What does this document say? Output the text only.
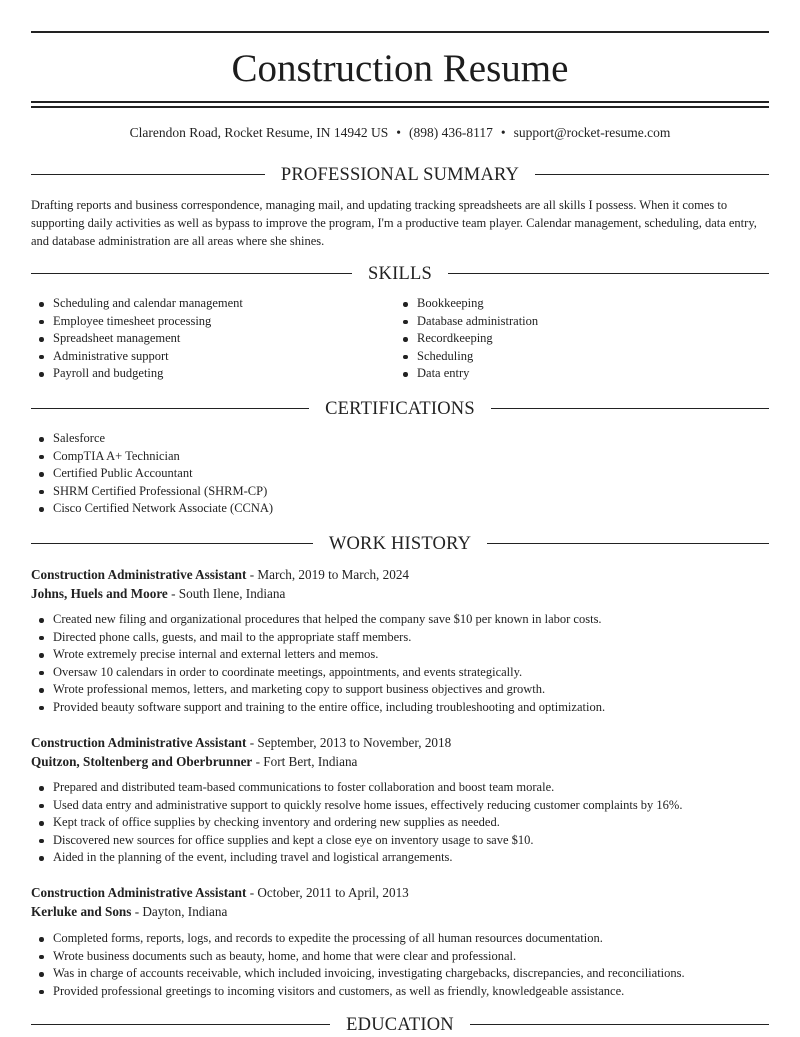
Construction Resume
Clarendon Road, Rocket Resume, IN 14942 US • (898) 436-8117 • support@rocket-resume.com
PROFESSIONAL SUMMARY
Drafting reports and business correspondence, managing mail, and updating tracking spreadsheets are all skills I possess. When it comes to supporting daily activities as well as bypass to improve the program, I'm a productive team player. Calendar management, scheduling, data entry, and database administration are all areas where she shines.
SKILLS
Scheduling and calendar management
Employee timesheet processing
Spreadsheet management
Administrative support
Payroll and budgeting
Bookkeeping
Database administration
Recordkeeping
Scheduling
Data entry
CERTIFICATIONS
Salesforce
CompTIA A+ Technician
Certified Public Accountant
SHRM Certified Professional (SHRM-CP)
Cisco Certified Network Associate (CCNA)
WORK HISTORY
Construction Administrative Assistant - March, 2019 to March, 2024
Johns, Huels and Moore - South Ilene, Indiana
Created new filing and organizational procedures that helped the company save $10 per known in labor costs.
Directed phone calls, guests, and mail to the appropriate staff members.
Wrote extremely precise internal and external letters and memos.
Oversaw 10 calendars in order to coordinate meetings, appointments, and events strategically.
Wrote professional memos, letters, and marketing copy to support business objectives and growth.
Provided beauty software support and training to the entire office, including troubleshooting and optimization.
Construction Administrative Assistant - September, 2013 to November, 2018
Quitzon, Stoltenberg and Oberbrunner - Fort Bert, Indiana
Prepared and distributed team-based communications to foster collaboration and boost team morale.
Used data entry and administrative support to quickly resolve home issues, effectively reducing customer complaints by 16%.
Kept track of office supplies by checking inventory and ordering new supplies as needed.
Discovered new sources for office supplies and kept a close eye on inventory usage to save $10.
Aided in the planning of the event, including travel and logistical arrangements.
Construction Administrative Assistant - October, 2011 to April, 2013
Kerluke and Sons - Dayton, Indiana
Completed forms, reports, logs, and records to expedite the processing of all human resources documentation.
Wrote business documents such as beauty, home, and home that were clear and professional.
Was in charge of accounts receivable, which included invoicing, investigating chargebacks, discrepancies, and reconciliations.
Provided professional greetings to incoming visitors and customers, as well as friendly, knowledgeable assistance.
EDUCATION
